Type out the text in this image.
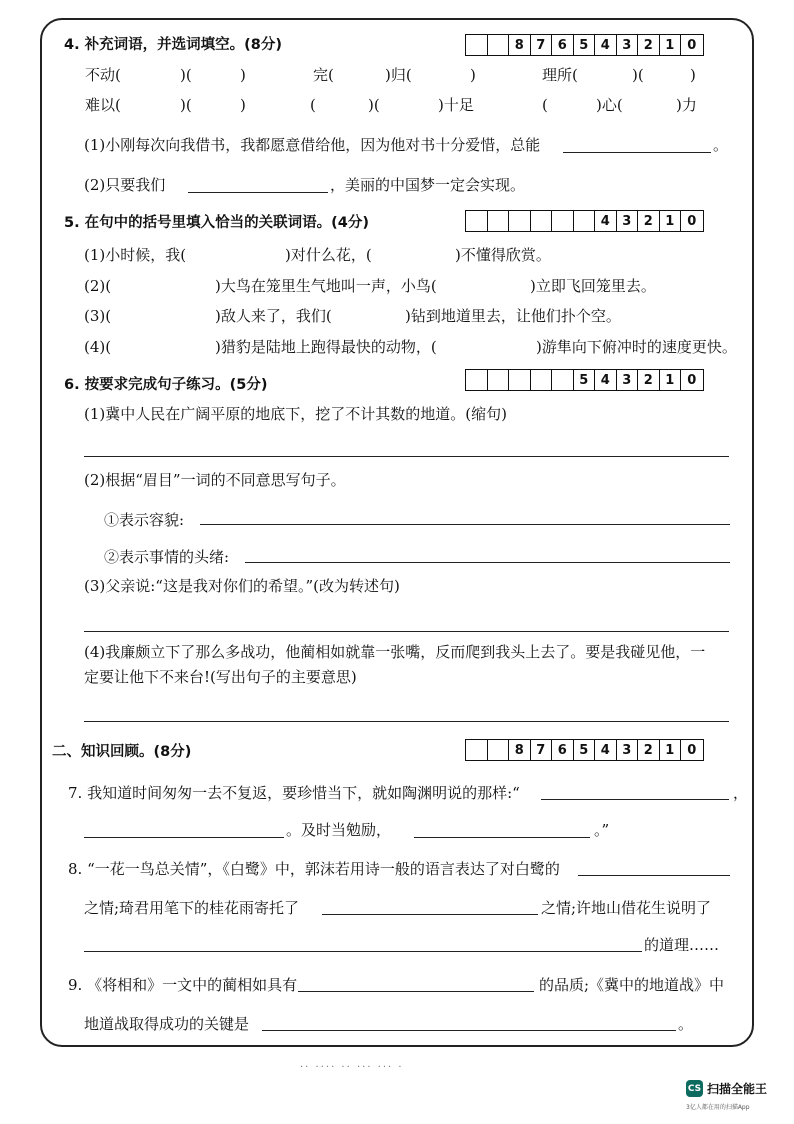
4. 补充词语，并选词填空。(8分)	8 7 6 5 4 3 2 1 0
不动(	)(	)	完(	)归(	)	理所(	)(	)
难以(	)(	)	(	)(	)十足	(	)心(	)力
(1)小刚每次向我借书，我都愿意借给他，因为他对书十分爱惜，总能	。
(2)只要我们	，美丽的中国梦一定会实现。
5. 在句中的括号里填入恰当的关联词语。(4分)	4 3 2 1 0
(1)小时候，我(	)对什么花，(	)不懂得欣赏。
(2)(	)大鸟在笼里生气地叫一声，小鸟(	)立即飞回笼里去。
(3)(	)敌人来了，我们(	)钻到地道里去，让他们扑个空。
(4)(	)猎豹是陆地上跑得最快的动物，(	)游隼向下俯冲时的速度更快。
6. 按要求完成句子练习。(5分)	5 4 3 2 1 0
(1)冀中人民在广阔平原的地底下，挖了不计其数的地道。(缩句)
(2)根据“眉目”一词的不同意思写句子。
①表示容貌:
②表示事情的头绪:
(3)父亲说:“这是我对你们的希望。”(改为转述句)
(4)我廉颇立下了那么多战功，他蔺相如就靠一张嘴，反而爬到我头上去了。要是我碰见他，一
定要让他下不来台!(写出句子的主要意思)
二、知识回顾。(8分)	8 7 6 5 4 3 2 1 0
7. 我知道时间匆匆一去不复返，要珍惜当下，就如陶渊明说的那样:“	，
。及时当勉励，	。”
8. “一花一鸟总关情”，《白鹭》中，郭沫若用诗一般的语言表达了对白鹭的
之情;琦君用笔下的桂花雨寄托了	之情;许地山借花生说明了
的道理……
9. 《将相和》一文中的蔺相如具有	的品质;《冀中的地道战》中
地道战取得成功的关键是	。
·· ···· ·· ··· ··· ·
CS 扫描全能王
3亿人都在用的扫描App
